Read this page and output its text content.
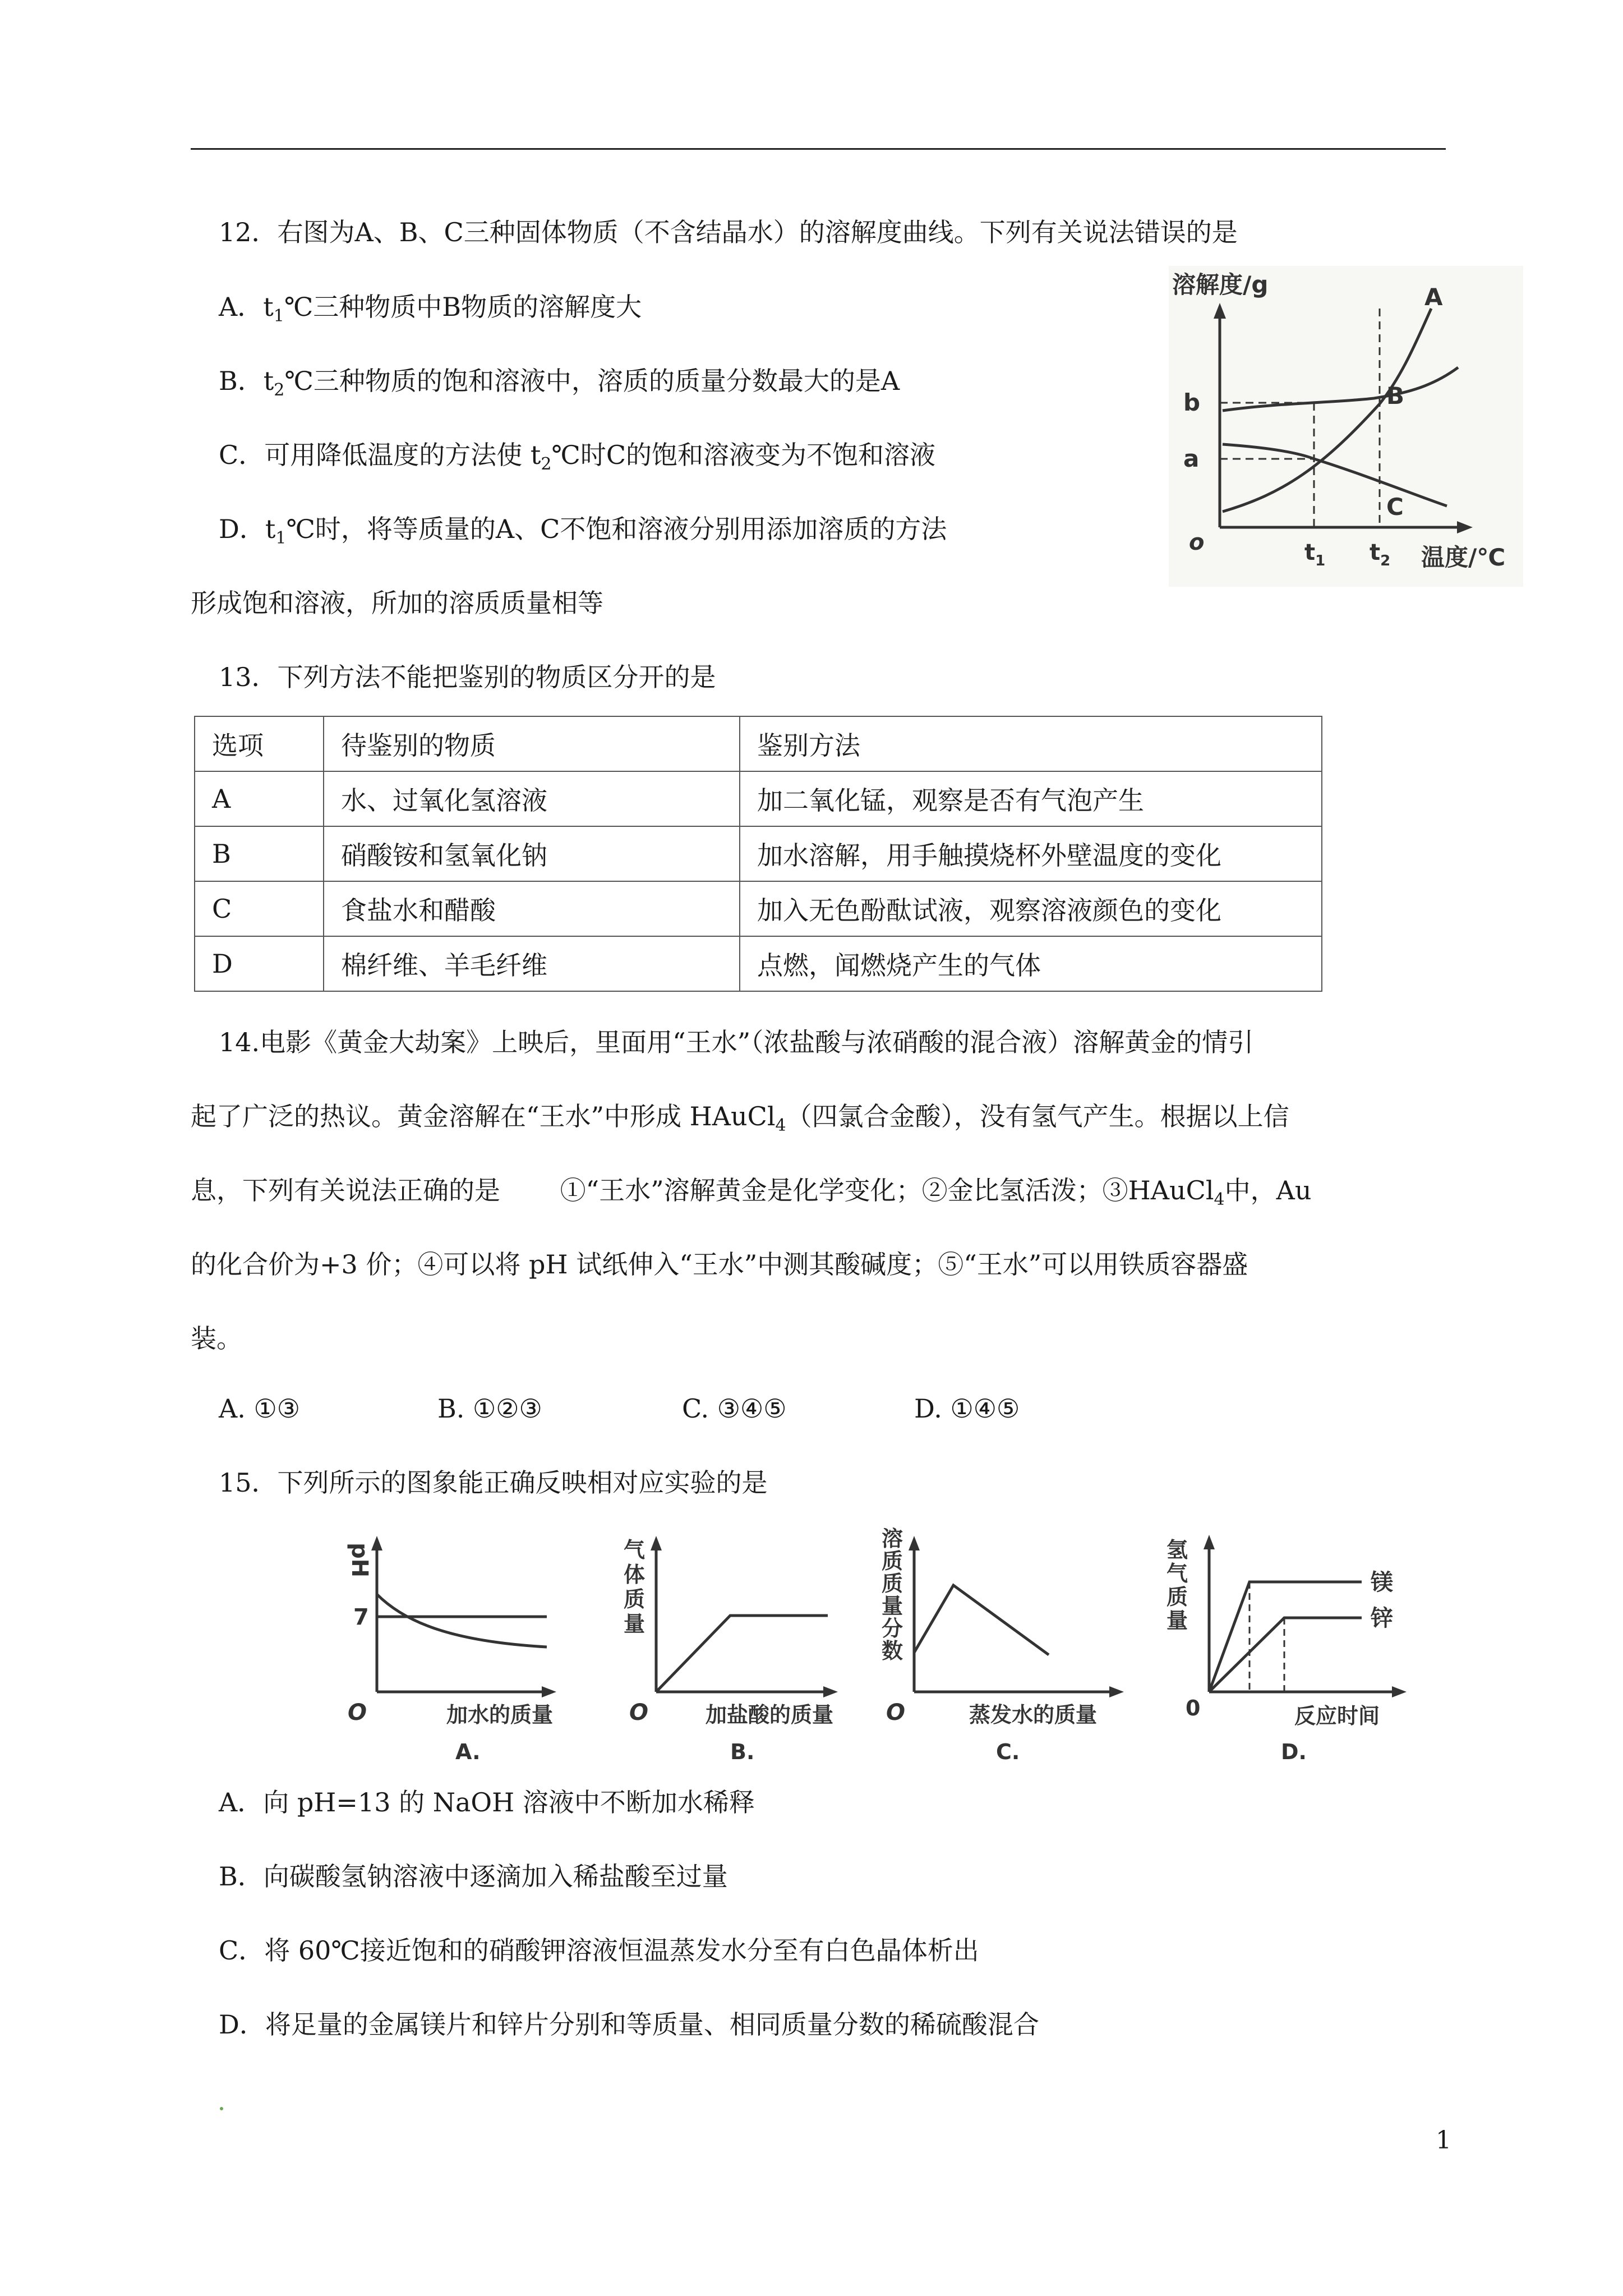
12．右图为A、B、C三种固体物质（不含结晶水）的溶解度曲线。下列有关说法错误的是
A．$t_1℃$三种物质中B物质的溶解度大
B．$t_2℃$三种物质的饱和溶液中，溶质的质量分数最大的是A
C．可用降低温度的方法使 $t_2℃$时C的饱和溶液变为不饱和溶液
D．$t_1℃$时，将等质量的A、C不饱和溶液分别用添加溶质的方法
形成饱和溶液，所加的溶质质量相等
溶解度/g
b
a
o	$t_1$ $t_2$ 温度/℃
A
B
C
13．下列方法不能把鉴别的物质区分开的是
选项	待鉴别的物质	鉴别方法
A	水、过氧化氢溶液	加二氧化锰，观察是否有气泡产生
B	硝酸铵和氢氧化钠	加水溶解，用手触摸烧杯外壁温度的变化
C	食盐水和醋酸	加入无色酚酞试液，观察溶液颜色的变化
D	棉纤维、羊毛纤维	点燃，闻燃烧产生的气体
14.电影《黄金大劫案》上映后，里面用“王水”（浓盐酸与浓硝酸的混合液）溶解黄金的情引
起了广泛的热议。黄金溶解在“王水”中形成 HAuCl$_4$（四氯合金酸），没有氢气产生。根据以上信
息，下列有关说法正确的是　　 ①“王水”溶解黄金是化学变化；②金比氢活泼；③HAuCl$_4$中，Au
的化合价为+3 价；④可以将 pH 试纸伸入“王水”中测其酸碱度；⑤“王水”可以用铁质容器盛
装。
A. ①③	B. ①②③	C. ③④⑤	D. ①④⑤
15．下列所示的图象能正确反映相对应实验的是
pH
7
O	加水的质量
A.
气
体
质
量
O	加盐酸的质量
B.
溶
质
质
量
分
数
O	蒸发水的质量
C.
氢
气
质
量
镁
锌
0	反应时间
D.
A．向 pH=13 的 NaOH 溶液中不断加水稀释
B．向碳酸氢钠溶液中逐滴加入稀盐酸至过量
C．将 60℃接近饱和的硝酸钾溶液恒温蒸发水分至有白色晶体析出
D．将足量的金属镁片和锌片分别和等质量、相同质量分数的稀硫酸混合
1
